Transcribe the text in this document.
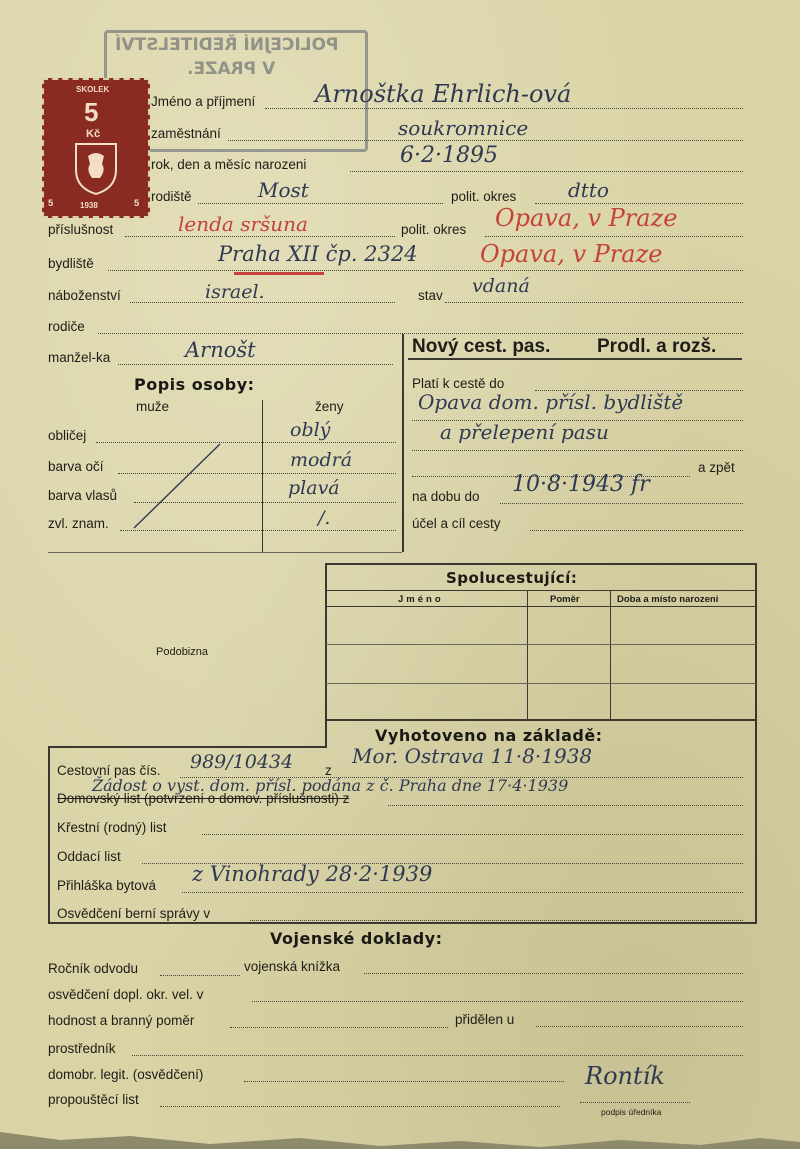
POLICEJNÍ ŘEDITELSTVÍ
V PRAZE.
SKOLEK
5
Kč
1938
5	5
Jméno a příjmení Arnoštka Ehrlich-ová
zaměstnání	soukromnice
rok, den a měsíc narozeni	6·2·1895
rodiště	Most	polit. okres	dtto
příslušnost	lenda sršuna	polit. okres Opava, v Praze
bydliště	Praha XII čp. 2324	Opava, v Praze
náboženství	israel.	stav vdaná
rodiče
manžel-ka	Arnošt
Popis osoby:
muže	ženy
obličej	oblý
barva očí	modrá
barva vlasů	plavá
zvl. znam.	/.
Nový cest. pas. Prodl. a rozš.
Platí k cestě do
Opava dom. přísl. bydliště
a přelepení pasu
a zpět
na dobu do 10·8·1943 fr
účel a cíl cesty
Podobizna
Spolucestující:
Jméno	Poměr	Doba a místo narozeni
Vyhotoveno na základě:
Cestovní pas čís. 989/10434 z
Mor. Ostrava 11·8·1938
Žádost o vyst. dom. přísl. podána z č. Praha dne 17·4·1939
Domovský list (potvrzení o domov. příslušnosti) z
Křestní (rodný) list
Oddací list
Přihláška bytová z Vinohrady 28·2·1939
Osvědčení berní správy v
Vojenské doklady:
Ročník odvodu	vojenská knížka
osvědčení dopl. okr. vel. v
hodnost a branný poměr	přidělen u
prostředník
domobr. legit. (osvědčení)
propouštěcí list
Rontík
podpis úředníka
